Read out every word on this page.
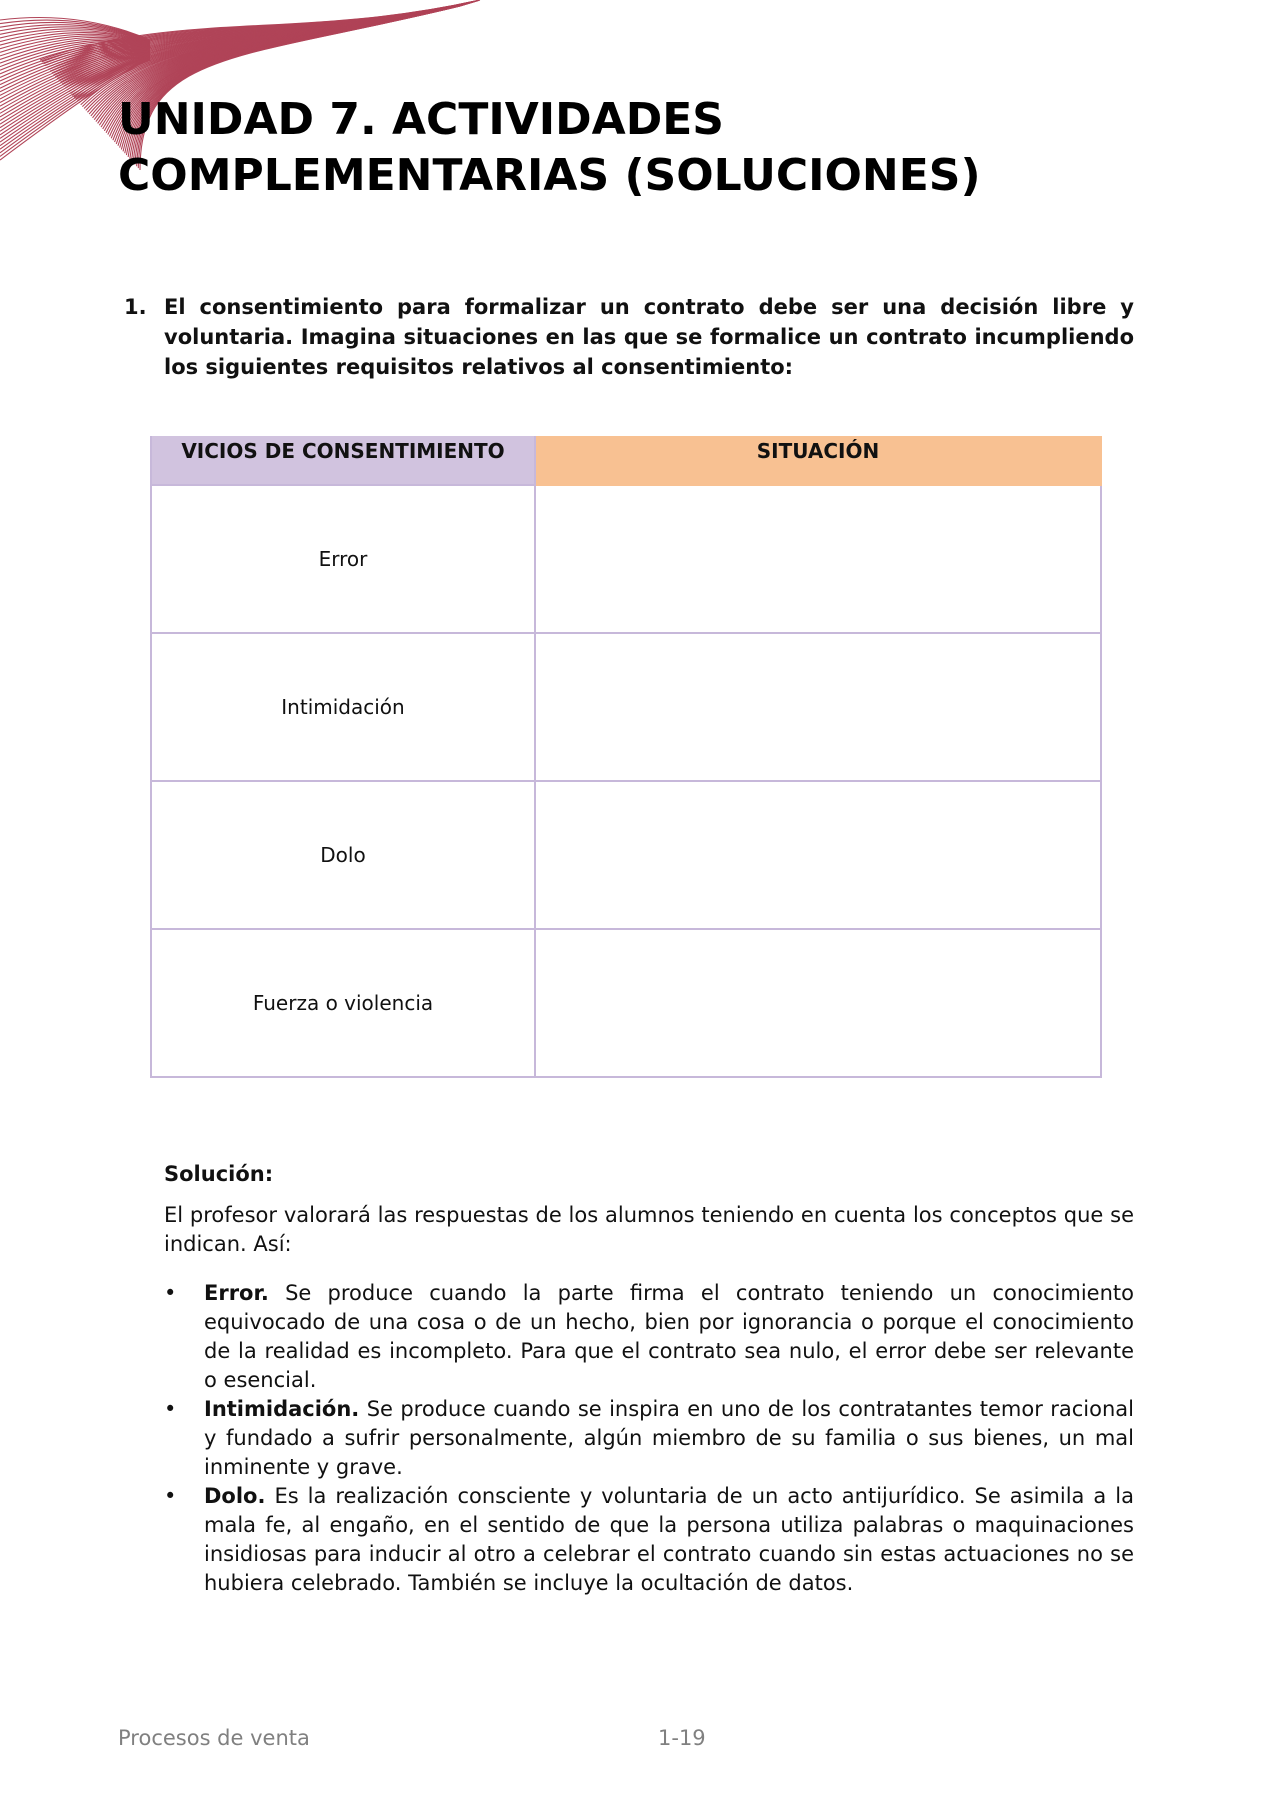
UNIDAD 7. ACTIVIDADES
COMPLEMENTARIAS (SOLUCIONES)
1. El consentimiento para formalizar un contrato debe ser una decisión libre y voluntaria. Imagina situaciones en las que se formalice un contrato incumpliendo los siguientes requisitos relativos al consentimiento:
VICIOS DE CONSENTIMIENTO	SITUACIÓN
Error	
Intimidación	
Dolo	
Fuerza o violencia	
Solución:
El profesor valorará las respuestas de los alumnos teniendo en cuenta los conceptos que se indican. Así:
• Error. Se produce cuando la parte firma el contrato teniendo un conocimiento equivocado de una cosa o de un hecho, bien por ignorancia o porque el conocimiento de la realidad es incompleto. Para que el contrato sea nulo, el error debe ser relevante o esencial.
• Intimidación. Se produce cuando se inspira en uno de los contratantes temor racional y fundado a sufrir personalmente, algún miembro de su familia o sus bienes, un mal inminente y grave.
• Dolo. Es la realización consciente y voluntaria de un acto antijurídico. Se asimila a la mala fe, al engaño, en el sentido de que la persona utiliza palabras o maquinaciones insidiosas para inducir al otro a celebrar el contrato cuando sin estas actuaciones no se hubiera celebrado. También se incluye la ocultación de datos.
Procesos de venta	1-19
